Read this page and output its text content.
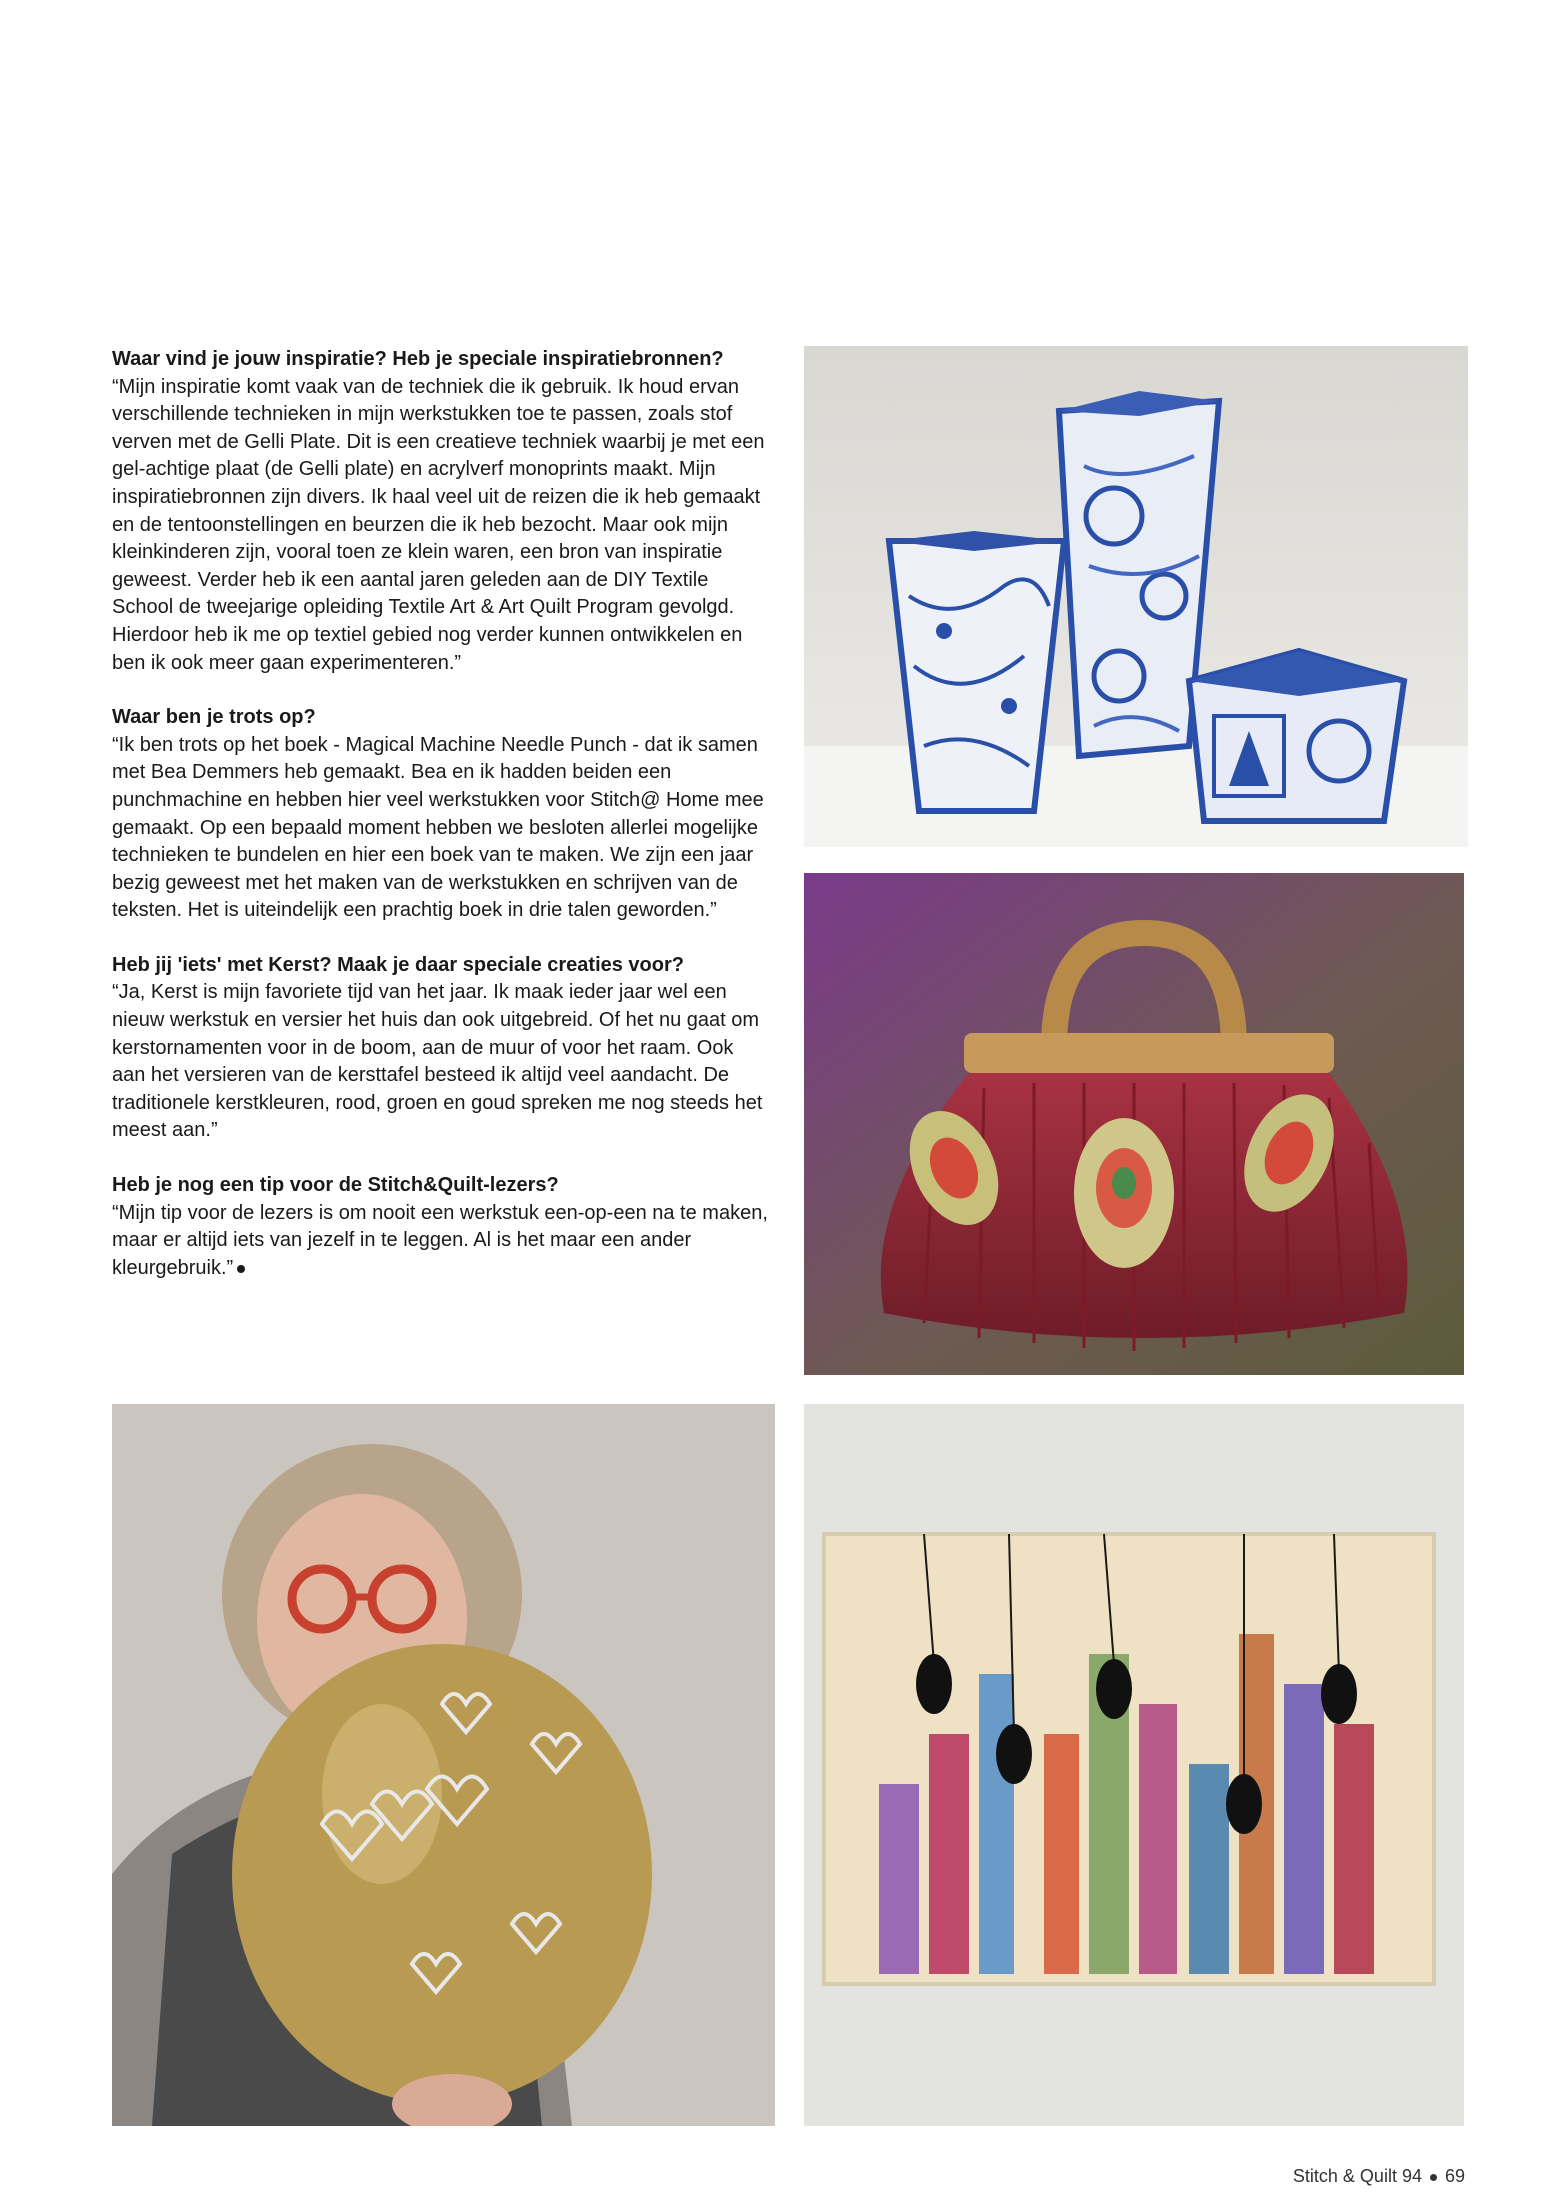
Waar vind je jouw inspiratie? Heb je speciale inspiratiebronnen?

“Mijn inspiratie komt vaak van de techniek die ik gebruik. Ik houd ervan verschillende technieken in mijn werkstukken toe te passen, zoals stof verven met de Gelli Plate. Dit is een creatieve techniek waarbij je met een gel-achtige plaat (de Gelli plate) en acrylverf monoprints maakt. Mijn inspiratiebronnen zijn divers. Ik haal veel uit de reizen die ik heb gemaakt en de tentoonstellingen en beurzen die ik heb bezocht. Maar ook mijn kleinkinderen zijn, vooral toen ze klein waren, een bron van inspiratie geweest. Verder heb ik een aantal jaren geleden aan de DIY Textile School de tweejarige opleiding Textile Art & Art Quilt Program gevolgd. Hierdoor heb ik me op textiel gebied nog verder kunnen ontwikkelen en ben ik ook meer gaan experimenteren.”

Waar ben je trots op?

“Ik ben trots op het boek - Magical Machine Needle Punch - dat ik samen met Bea Demmers heb gemaakt. Bea en ik hadden beiden een punchmachine en hebben hier veel werkstukken voor Stitch@ Home mee gemaakt. Op een bepaald moment hebben we besloten allerlei mogelijke technieken te bundelen en hier een boek van te maken. We zijn een jaar bezig geweest met het maken van de werkstukken en schrijven van de teksten. Het is uiteindelijk een prachtig boek in drie talen geworden.”

Heb jij 'iets' met Kerst? Maak je daar speciale creaties voor?

“Ja, Kerst is mijn favoriete tijd van het jaar. Ik maak ieder jaar wel een nieuw werkstuk en versier het huis dan ook uitgebreid. Of het nu gaat om kerstornamenten voor in de boom, aan de muur of voor het raam. Ook aan het versieren van de kersttafel besteed ik altijd veel aandacht. De traditionele kerstkleuren, rood, groen en goud spreken me nog steeds het meest aan.”

Heb je nog een tip voor de Stitch&Quilt-lezers?

“Mijn tip voor de lezers is om nooit een werkstuk een-op-een na te maken, maar er altijd iets van jezelf in te leggen. Al is het maar een ander kleurgebruik.”

Stitch & Quilt 94 69
